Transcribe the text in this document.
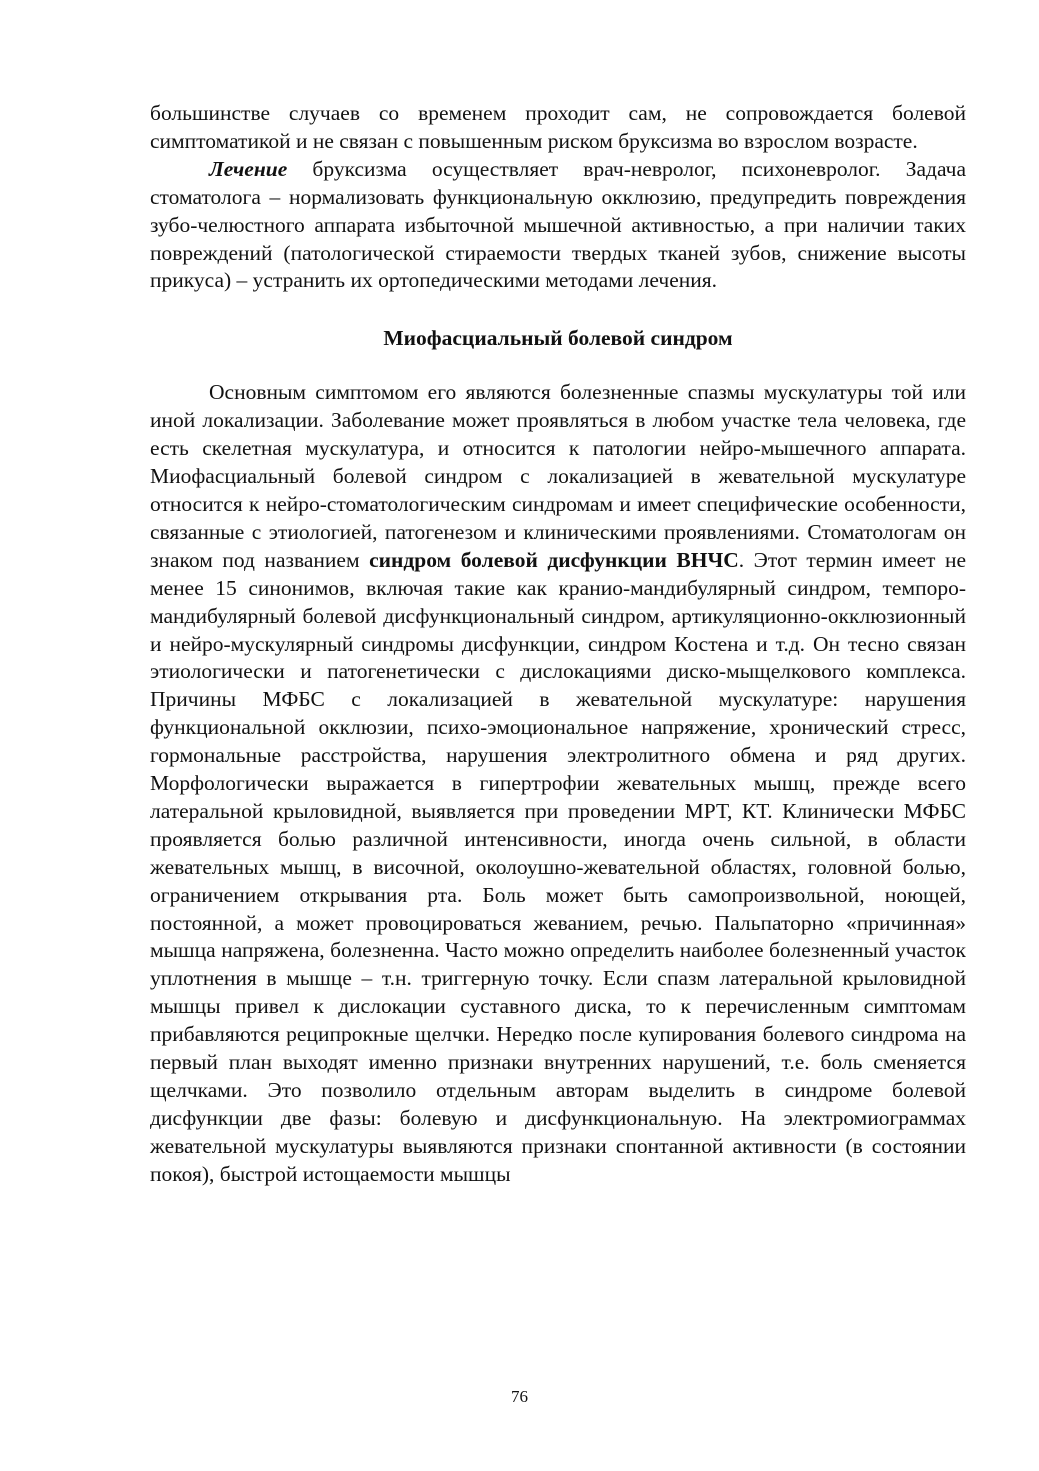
большинстве случаев со временем проходит сам, не сопровождается болевой симптоматикой и не связан с повышенным риском бруксизма во взрослом возрасте.

Лечение бруксизма осуществляет врач-невролог, психоневролог. Задача стоматолога – нормализовать функциональную окклюзию, предупредить повреждения зубо-челюстного аппарата избыточной мышечной активностью, а при наличии таких повреждений (патологической стираемости твердых тканей зубов, снижение высоты прикуса) – устранить их ортопедическими методами лечения.

Миофасциальный болевой синдром

Основным симптомом его являются болезненные спазмы мускулатуры той или иной локализации. Заболевание может проявляться в любом участке тела человека, где есть скелетная мускулатура, и относится к патологии нейро-мышечного аппарата. Миофасциальный болевой синдром с локализацией в жевательной мускулатуре относится к нейро-стоматологическим синдромам и имеет специфические особенности, связанные с этиологией, патогенезом и клиническими проявлениями. Стоматологам он знаком под названием синдром болевой дисфункции ВНЧС. Этот термин имеет не менее 15 синонимов, включая такие как кранио-мандибулярный синдром, темпоро-мандибулярный болевой дисфункциональный синдром, артикуляционно-окклюзионный и нейро-мускулярный синдромы дисфункции, синдром Костена и т.д. Он тесно связан этиологически и патогенетически с дислокациями диско-мыщелкового комплекса. Причины МФБС с локализацией в жевательной мускулатуре: нарушения функциональной окклюзии, психо-эмоциональное напряжение, хронический стресс, гормональные расстройства, нарушения электролитного обмена и ряд других. Морфологически выражается в гипертрофии жевательных мышц, прежде всего латеральной крыловидной, выявляется при проведении МРТ, КТ. Клинически МФБС проявляется болью различной интенсивности, иногда очень сильной, в области жевательных мышц, в височной, околоушно-жевательной областях, головной болью, ограничением открывания рта. Боль может быть самопроизвольной, ноющей, постоянной, а может провоцироваться жеванием, речью. Пальпаторно «причинная» мышца напряжена, болезненна. Часто можно определить наиболее болезненный участок уплотнения в мышце – т.н. триггерную точку. Если спазм латеральной крыловидной мышцы привел к дислокации суставного диска, то к перечисленным симптомам прибавляются реципрокные щелчки. Нередко после купирования болевого синдрома на первый план выходят именно признаки внутренних нарушений, т.е. боль сменяется щелчками. Это позволило отдельным авторам выделить в синдроме болевой дисфункции две фазы: болевую и дисфункциональную. На электромиограммах жевательной мускулатуры выявляются признаки спонтанной активности (в состоянии покоя), быстрой истощаемости мышцы

76
